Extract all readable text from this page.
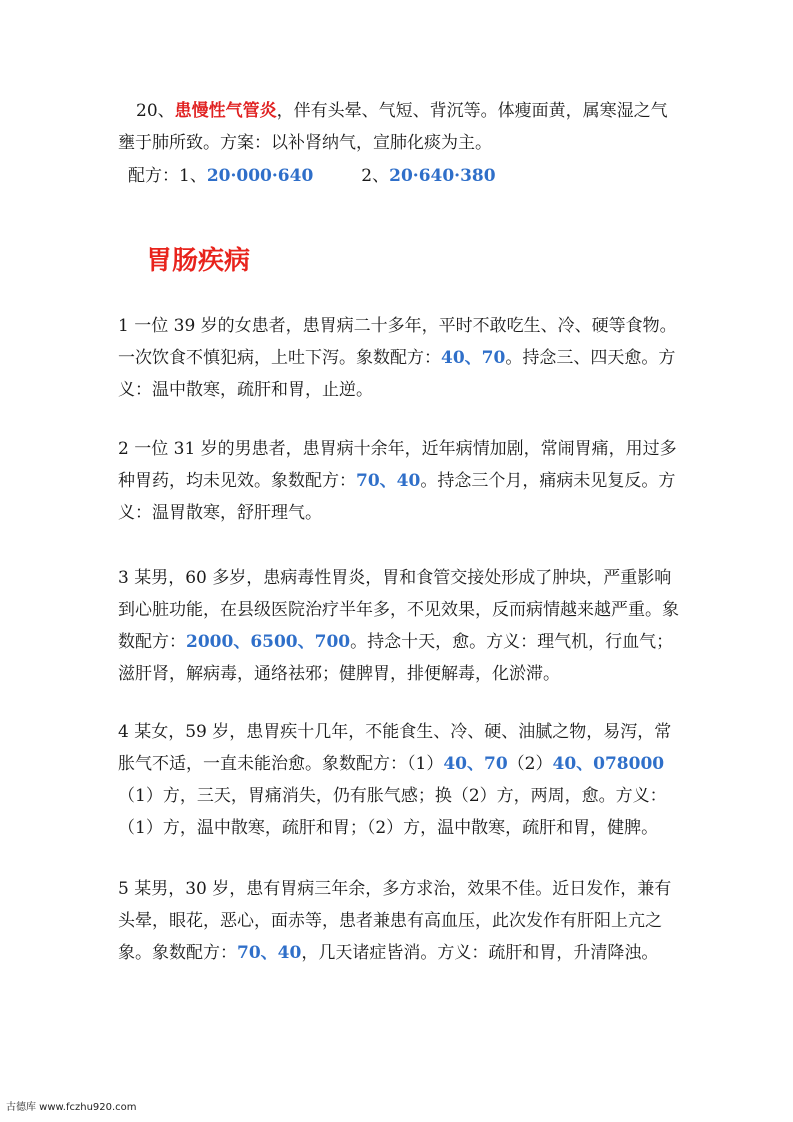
20、患慢性气管炎，伴有头晕、气短、背沉等。体瘦面黄，属寒湿之气壅于肺所致。方案：以补肾纳气，宣肺化痰为主。

配方：1、20·000·640	2、20·640·380

胃肠疾病

1 一位 39 岁的女患者，患胃病二十多年，平时不敢吃生、冷、硬等食物。一次饮食不慎犯病，上吐下泻。象数配方：40、70。持念三、四天愈。方义：温中散寒，疏肝和胃，止逆。

2 一位 31 岁的男患者，患胃病十余年，近年病情加剧，常闹胃痛，用过多种胃药，均未见效。象数配方：70、40。持念三个月，痛病未见复反。方义：温胃散寒，舒肝理气。

3 某男，60 多岁，患病毒性胃炎，胃和食管交接处形成了肿块，严重影响到心脏功能，在县级医院治疗半年多，不见效果，反而病情越来越严重。象数配方：2000、6500、700。持念十天，愈。方义：理气机，行血气；滋肝肾，解病毒，通络祛邪；健脾胃，排便解毒，化淤滞。

4 某女，59 岁，患胃疾十几年，不能食生、冷、硬、油腻之物，易泻，常胀气不适，一直未能治愈。象数配方：（1）40、70（2）40、078000（1）方，三天，胃痛消失，仍有胀气感；换（2）方，两周，愈。方义：（1）方，温中散寒，疏肝和胃；（2）方，温中散寒，疏肝和胃，健脾。

5 某男，30 岁，患有胃病三年余，多方求治，效果不佳。近日发作，兼有头晕，眼花，恶心，面赤等，患者兼患有高血压，此次发作有肝阳上亢之象。象数配方：70、40，几天诸症皆消。方义：疏肝和胃，升清降浊。

古德库 www.fczhu920.com
